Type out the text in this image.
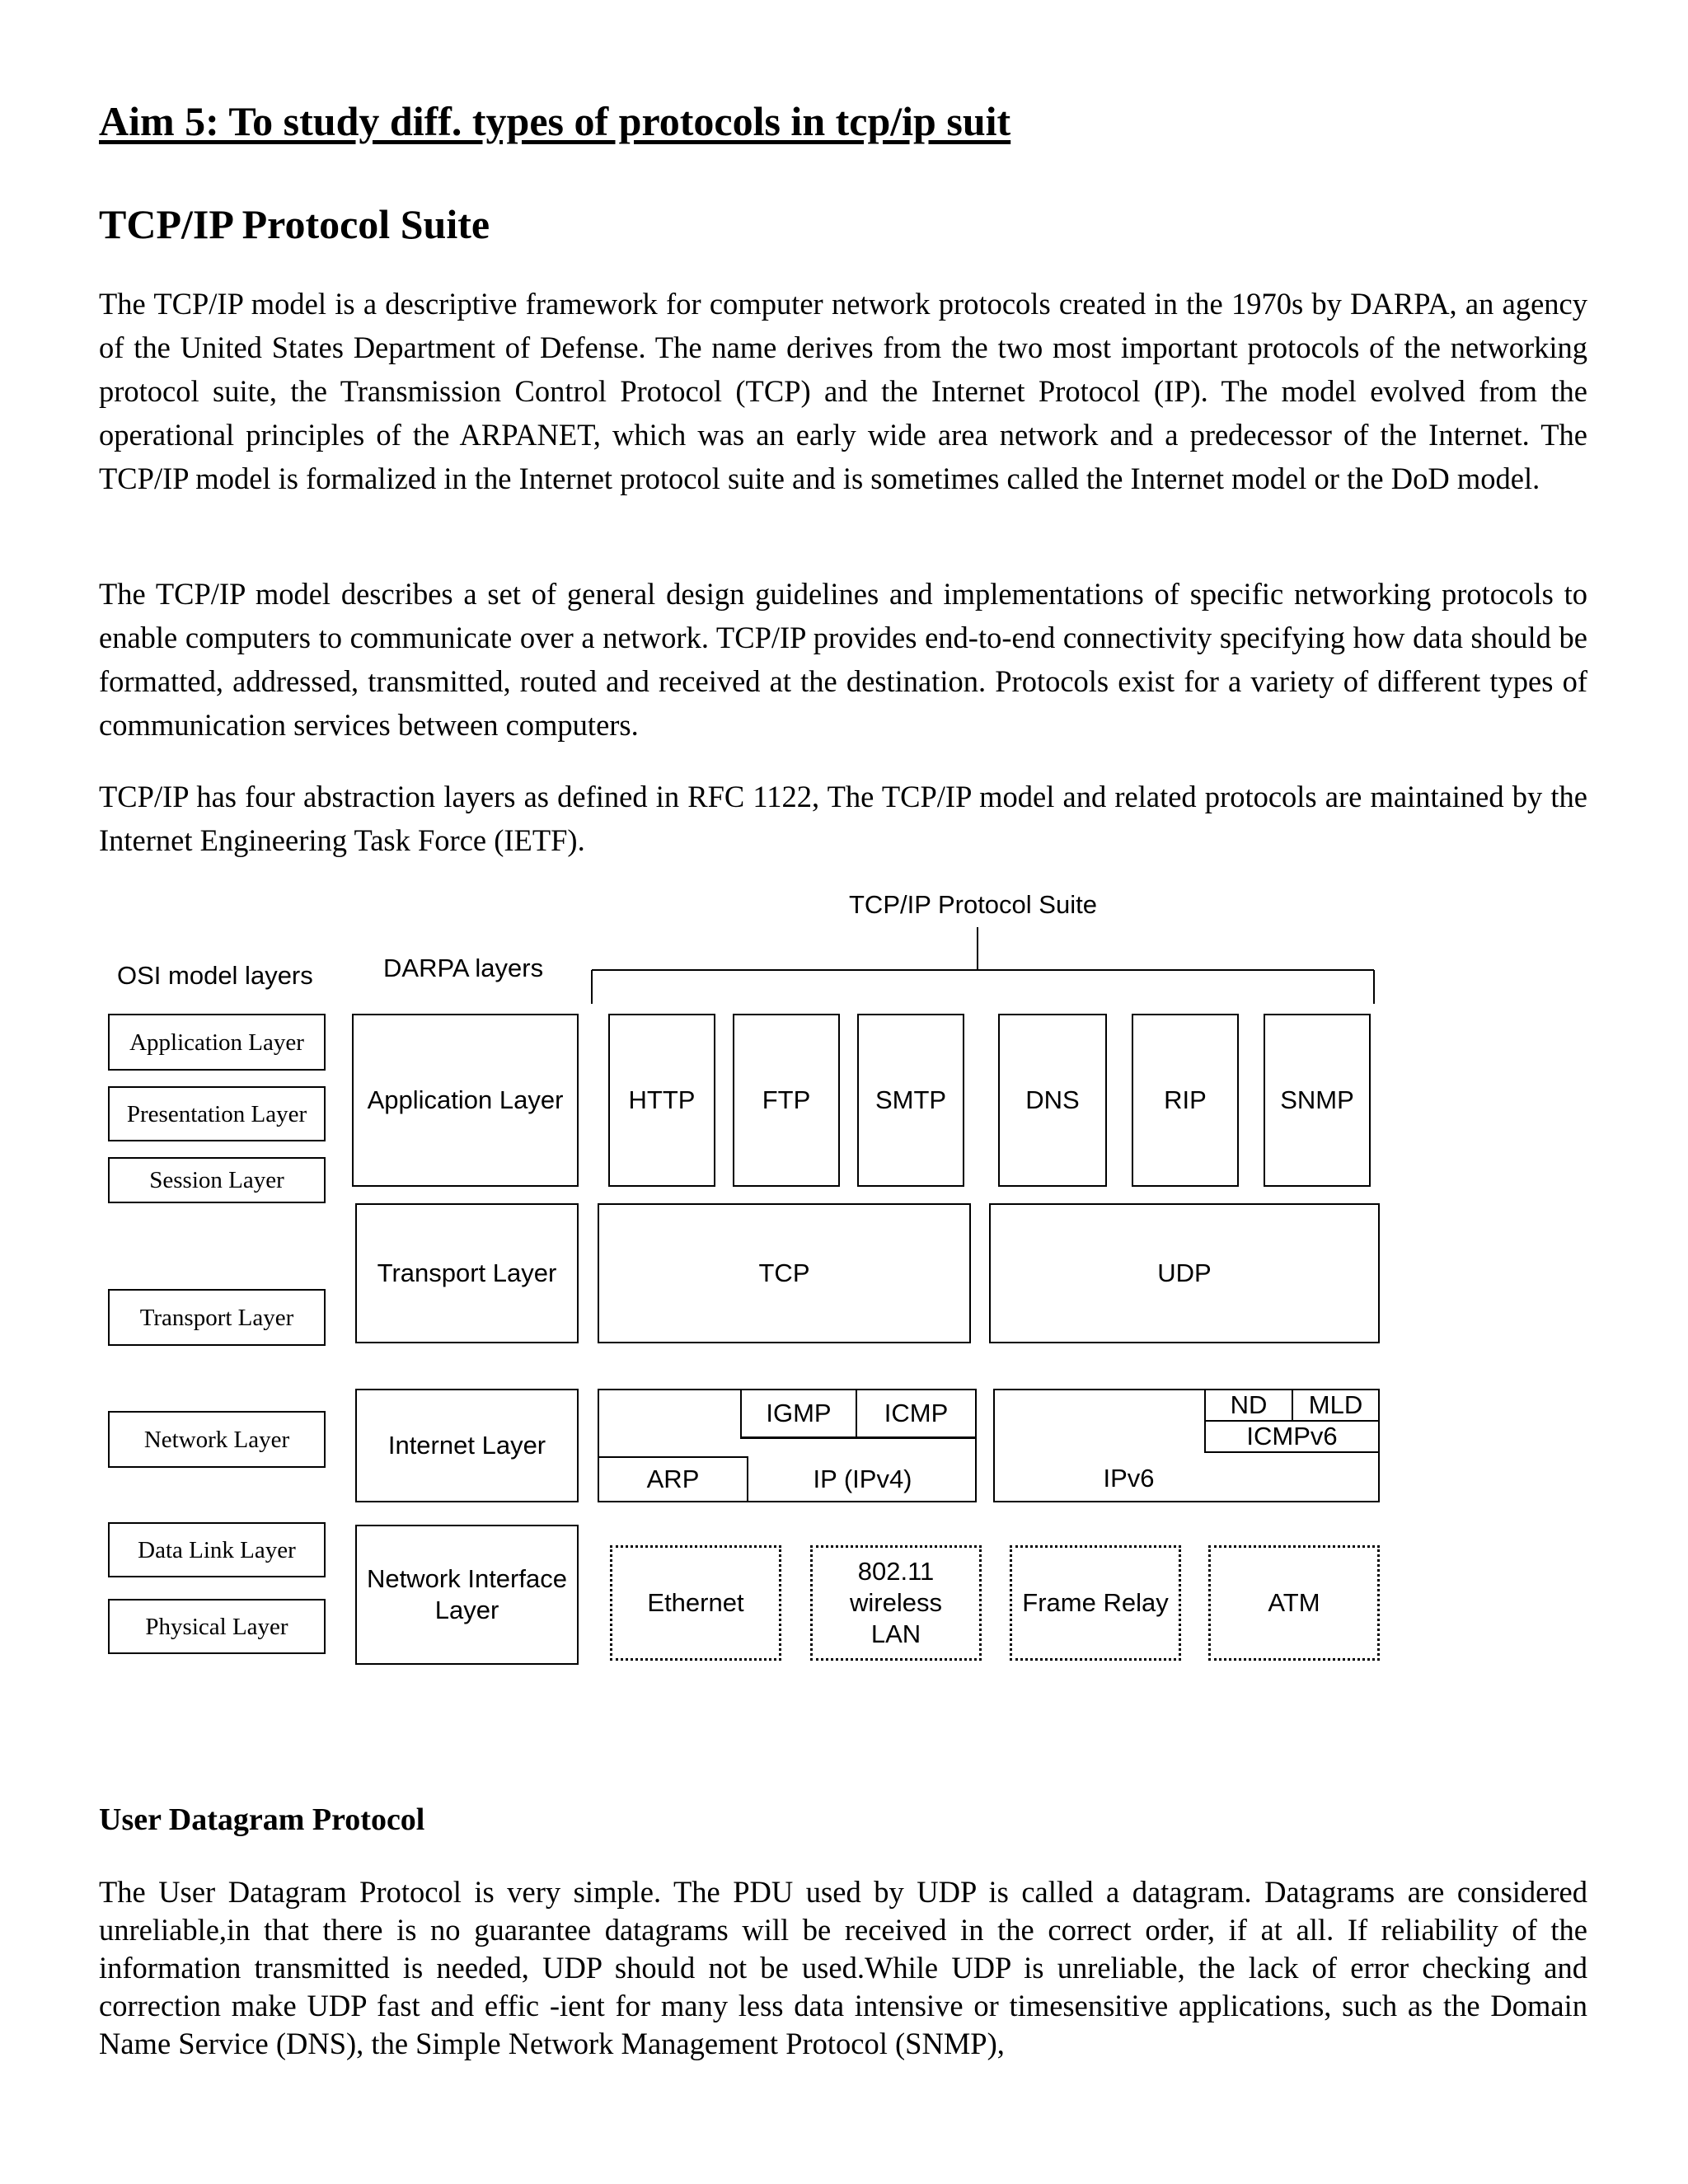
Aim 5: To study diff. types of protocols in tcp/ip suit
TCP/IP Protocol Suite

The TCP/IP model is a descriptive framework for computer network protocols created in the 1970s by DARPA, an agency of the United States Department of Defense. The name derives from the two most important protocols of the networking protocol suite, the Transmission Control Protocol (TCP) and the Internet Protocol (IP). The model evolved from the operational principles of the ARPANET, which was an early wide area network and a predecessor of the Internet. The TCP/IP model is formalized in the Internet protocol suite and is sometimes called the Internet model or the DoD model.

The TCP/IP model describes a set of general design guidelines and implementations of specific networking protocols to enable computers to communicate over a network. TCP/IP provides end-to-end connectivity specifying how data should be formatted, addressed, transmitted, routed and received at the destination. Protocols exist for a variety of different types of communication services between computers.

TCP/IP has four abstraction layers as defined in RFC 1122, The TCP/IP model and related protocols are maintained by the Internet Engineering Task Force (IETF).

TCP/IP Protocol Suite
OSI model layers	DARPA layers
Application Layer
Presentation Layer
Session Layer
Transport Layer
Network Layer
Data Link Layer
Physical Layer
Application Layer
Transport Layer
Internet Layer
Network Interface Layer
HTTP	FTP	SMTP	DNS	RIP	SNMP
TCP	UDP
IGMP	ICMP
ARP	IP (IPv4)	IPv6
ND	MLD
ICMPv6
Ethernet
802.11 wireless LAN
Frame Relay	ATM
User Datagram Protocol

The User Datagram Protocol is very simple. The PDU used by UDP is called a datagram. Datagrams are considered unreliable,in that there is no guarantee datagrams will be received in the correct order, if at all. If reliability of the information transmitted is needed, UDP should not be used.While UDP is unreliable, the lack of error checking and correction make UDP fast and effic -ient for many less data intensive or timesensitive applications, such as the Domain Name Service (DNS), the Simple Network Management Protocol (SNMP),
